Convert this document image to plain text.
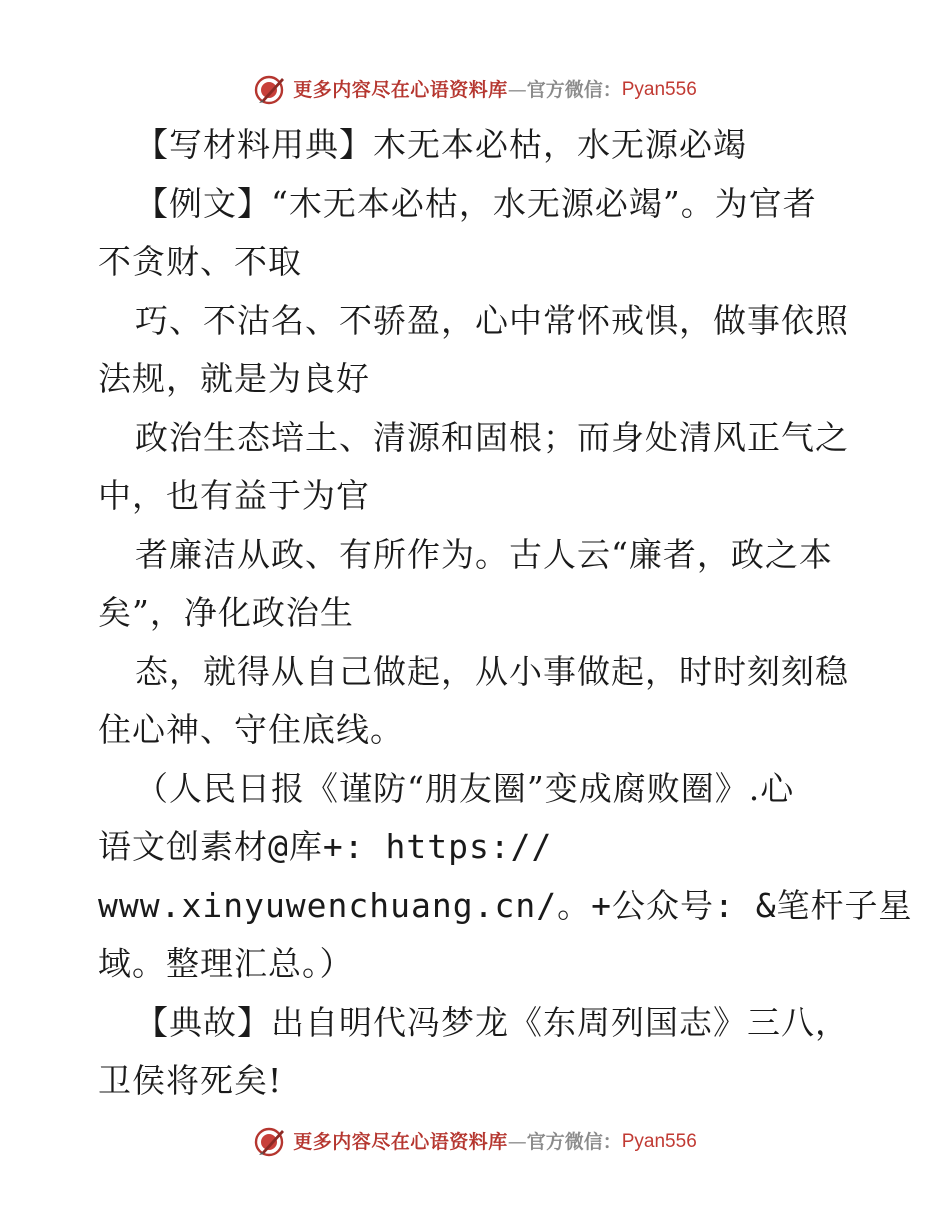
更多内容尽在心语资料库 — 官方微信： Pyan556
【写材料用典】木无本必枯，水无源必竭
【例文】“木无本必枯，水无源必竭”。为官者
不贪财、不取
巧、不沽名、不骄盈，心中常怀戒惧，做事依照
法规，就是为良好
政治生态培土、清源和固根；而身处清风正气之
中，也有益于为官
者廉洁从政、有所作为。古人云“廉者，政之本
矣”，净化政治生
态，就得从自己做起，从小事做起，时时刻刻稳
住心神、守住底线。
（人民日报《谨防“朋友圈”变成腐败圈》.心
语文创素材@库+: https://
www.xinyuwenchuang.cn/。+公众号: &笔杆子星
域。整理汇总。）
【典故】出自明代冯梦龙《东周列国志》三八，
卫侯将死矣!
更多内容尽在心语资料库 — 官方微信： Pyan556
